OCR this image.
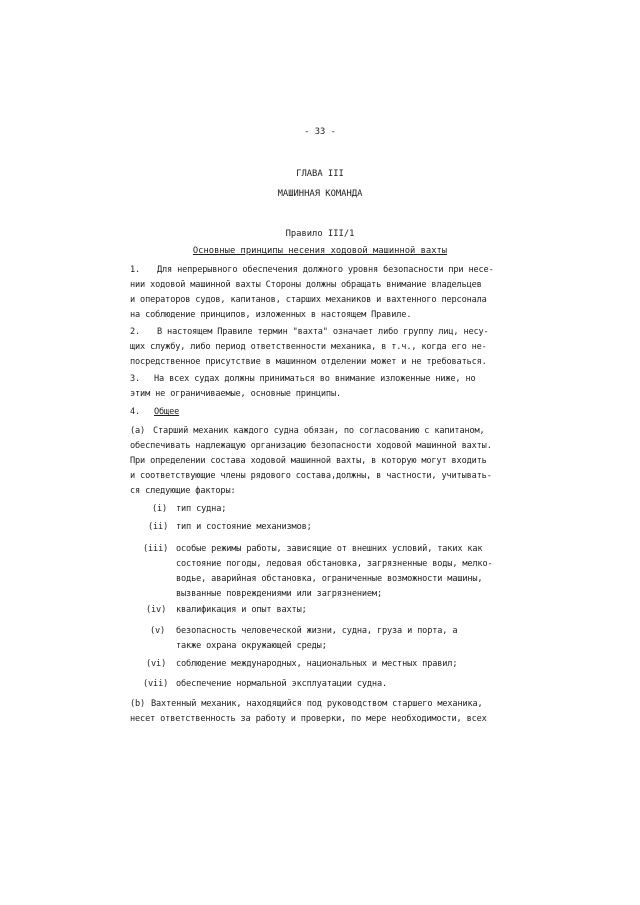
- 33 -
ГЛАВА III
МАШИННАЯ КОМАНДА
Правило III/1
Основные принципы несения ходовой машинной вахты
1. Для непрерывного обеспечения должного уровня безопасности при несе-
нии ходовой машинной вахты Стороны должны обращать внимание владельцев
и операторов судов, капитанов, старших механиков и вахтенного персонала
на соблюдение принципов, изложенных в настоящем Правиле.
2. В настоящем Правиле термин "вахта" означает либо группу лиц, несу-
щих службу, либо период ответственности механика, в т.ч., когда его не-
посредственное присутствие в машинном отделении может и не требоваться.
3. На всех судах должны приниматься во внимание изложенные ниже, но
этим не ограничиваемые, основные принципы.
4. Общее
(a) Старший механик каждого судна обязан, по согласованию с капитаном,
обеспечивать надлежащую организацию безопасности ходовой машинной вахты.
При определении состава ходовой машинной вахты, в которую могут входить
и соответствующие члены рядового состава,должны, в частности, учитывать-
ся следующие факторы:
(i) тип судна;
(ii) тип и состояние механизмов;
(iii) особые режимы работы, зависящие от внешних условий, таких как
состояние погоды, ледовая обстановка, загрязненные воды, мелко-
водье, аварийная обстановка, ограниченные возможности машины,
вызванные повреждениями или загрязнением;
(iv) квалификация и опыт вахты;
(v) безопасность человеческой жизни, судна, груза и порта, а
также охрана окружающей среды;
(vi) соблюдение международных, национальных и местных правил;
(vii) обеспечение нормальной эксплуатации судна.
(b) Вахтенный механик, находящийся под руководством старшего механика,
несет ответственность за работу и проверки, по мере необходимости, всех
